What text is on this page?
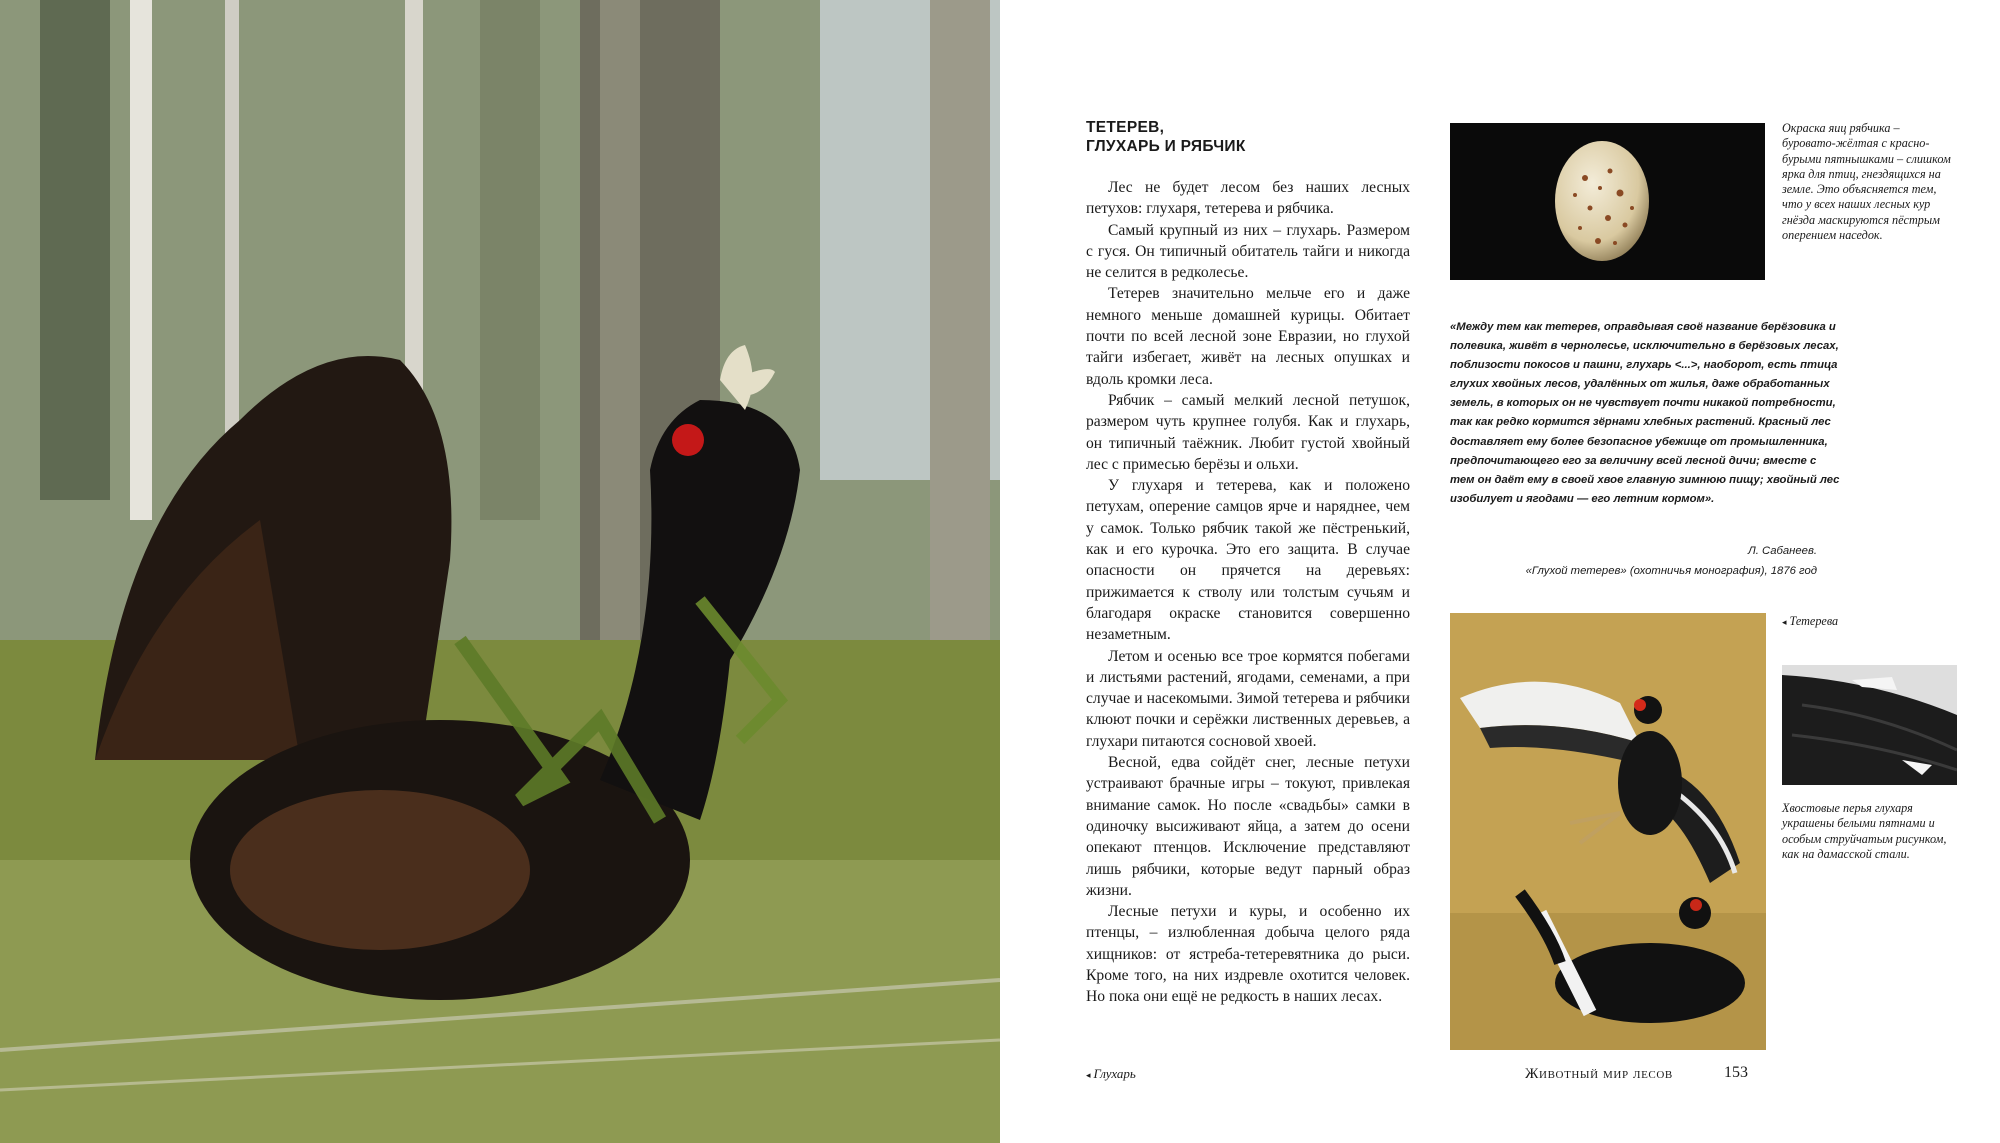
ТЕТЕРЕВ,
ГЛУХАРЬ И РЯБЧИК

Лес не будет лесом без наших лесных петухов: глухаря, тетерева и рябчика.

Самый крупный из них – глухарь. Размером с гуся. Он типичный обитатель тайги и никогда не селится в редколесье.

Тетерев значительно мельче его и даже немного меньше домашней курицы. Обитает почти по всей лесной зоне Евразии, но глухой тайги избегает, живёт на лесных опушках и вдоль кромки леса.

Рябчик – самый мелкий лесной петушок, размером чуть крупнее голубя. Как и глухарь, он типичный таёжник. Любит густой хвойный лес с примесью берёзы и ольхи.

У глухаря и тетерева, как и положено петухам, оперение самцов ярче и наряднее, чем у самок. Только рябчик такой же пёстренький, как и его курочка. Это его защита. В случае опасности он прячется на деревьях: прижимается к стволу или толстым сучьям и благодаря окраске становится совершенно незаметным.

Летом и осенью все трое кормятся побегами и листьями растений, ягодами, семенами, а при случае и насекомыми. Зимой тетерева и рябчики клюют почки и серёжки лиственных деревьев, а глухари питаются сосновой хвоей.

Весной, едва сойдёт снег, лесные петухи устраивают брачные игры – токуют, привлекая внимание самок. Но после «свадьбы» самки в одиночку высиживают яйца, а затем до осени опекают птенцов. Исключение представляют лишь рябчики, которые ведут парный образ жизни.

Лесные петухи и куры, и особенно их птенцы, – излюбленная добыча целого ряда хищников: от ястреба-тетеревятника до рыси. Кроме того, на них издревле охотится человек. Но пока они ещё не редкость в наших лесах.

Окраска яиц рябчика – буровато-жёлтая с красно-бурыми пятнышками – слишком ярка для птиц, гнездящихся на земле. Это объясняется тем, что у всех наших лесных кур гнёзда маскируются пёстрым оперением наседок.

«Между тем как тетерев, оправдывая своё название берёзовика и полевика, живёт в чернолесье, исключительно в берёзовых лесах, поблизости покосов и пашни, глухарь <...>, наоборот, есть птица глухих хвойных лесов, удалённых от жилья, даже обработанных земель, в которых он не чувствует почти никакой потребности, так как редко кормится зёрнами хлебных растений. Красный лес доставляет ему более безопасное убежище от промышленника, предпочитающего его за величину всей лесной дичи; вместе с тем он даёт ему в своей хвое главную зимнюю пищу; хвойный лес изобилует и ягодами — его летним кормом».

Л. Сабанеев.
«Глухой тетерев» (охотничья монография), 1876 год
◂ Тетерева
Хвостовые перья глухаря украшены белыми пятнами и особым струйчатым рисунком, как на дамасской стали.
◂ Глухарь	Животный мир лесов	153
